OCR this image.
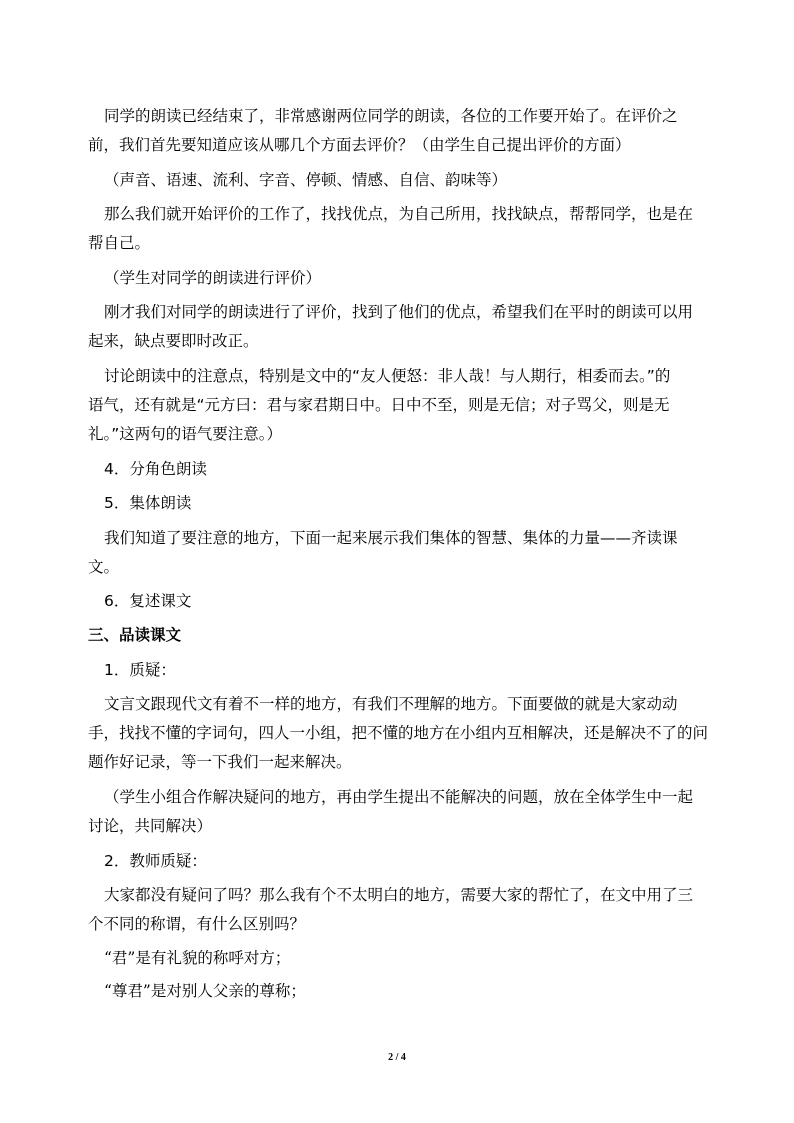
同学的朗读已经结束了，非常感谢两位同学的朗读，各位的工作要开始了。在评价之
前，我们首先要知道应该从哪几个方面去评价？（由学生自己提出评价的方面）
（声音、语速、流利、字音、停顿、情感、自信、韵味等）
那么我们就开始评价的工作了，找找优点，为自己所用，找找缺点，帮帮同学，也是在
帮自己。
（学生对同学的朗读进行评价）
刚才我们对同学的朗读进行了评价，找到了他们的优点，希望我们在平时的朗读可以用
起来，缺点要即时改正。
讨论朗读中的注意点，特别是文中的“友人便怒：非人哉！与人期行，相委而去。”的
语气，还有就是“元方曰：君与家君期日中。日中不至，则是无信；对子骂父，则是无
礼。”这两句的语气要注意。）
4．分角色朗读
5．集体朗读
我们知道了要注意的地方，下面一起来展示我们集体的智慧、集体的力量——齐读课
文。
6．复述课文
三、品读课文
1．质疑：
文言文跟现代文有着不一样的地方，有我们不理解的地方。下面要做的就是大家动动
手，找找不懂的字词句，四人一小组，把不懂的地方在小组内互相解决，还是解决不了的问
题作好记录，等一下我们一起来解决。
（学生小组合作解决疑问的地方，再由学生提出不能解决的问题，放在全体学生中一起
讨论，共同解决）
2．教师质疑：
大家都没有疑问了吗？那么我有个不太明白的地方，需要大家的帮忙了，在文中用了三
个不同的称谓，有什么区别吗？
“君”是有礼貌的称呼对方；
“尊君”是对别人父亲的尊称；
2 / 4
